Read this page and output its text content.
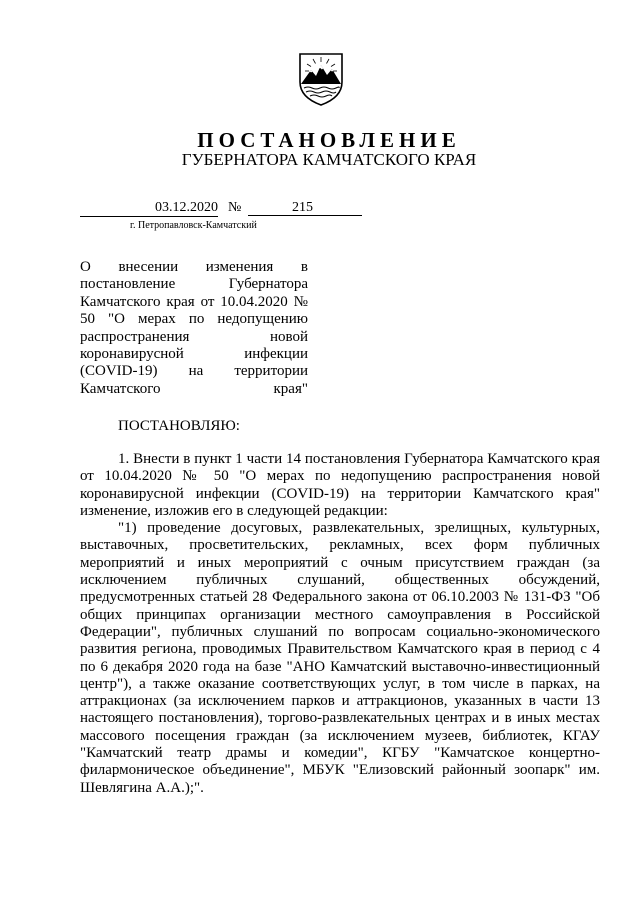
ПОСТАНОВЛЕНИЕ
ГУБЕРНАТОРА КАМЧАТСКОГО КРАЯ
03.12.2020 №	215
г. Петропавловск-Камчатский
О внесении изменения в постановление Губернатора Камчатского края от 10.04.2020 № 50 "О мерах по недопущению распространения новой коронавирусной инфекции (COVID-19) на территории Камчатского края"
ПОСТАНОВЛЯЮ:

1. Внести в пункт 1 части 14 постановления Губернатора Камчатского края от 10.04.2020 № 50 "О мерах по недопущению распространения новой коронавирусной инфекции (COVID-19) на территории Камчатского края" изменение, изложив его в следующей редакции:

"1) проведение досуговых, развлекательных, зрелищных, культурных, выставочных, просветительских, рекламных, всех форм публичных мероприятий и иных мероприятий с очным присутствием граждан (за исключением публичных слушаний, общественных обсуждений, предусмотренных статьей 28 Федерального закона от 06.10.2003 № 131-ФЗ "Об общих принципах организации местного самоуправления в Российской Федерации", публичных слушаний по вопросам социально-экономического развития региона, проводимых Правительством Камчатского края в период с 4 по 6 декабря 2020 года на базе "АНО Камчатский выставочно-инвестиционный центр"), а также оказание соответствующих услуг, в том числе в парках, на аттракционах (за исключением парков и аттракционов, указанных в части 13 настоящего постановления), торгово-развлекательных центрах и в иных местах массового посещения граждан (за исключением музеев, библиотек, КГАУ "Камчатский театр драмы и комедии", КГБУ "Камчатское концертно-филармоническое объединение", МБУК "Елизовский районный зоопарк" им. Шевлягина А.А.);".
